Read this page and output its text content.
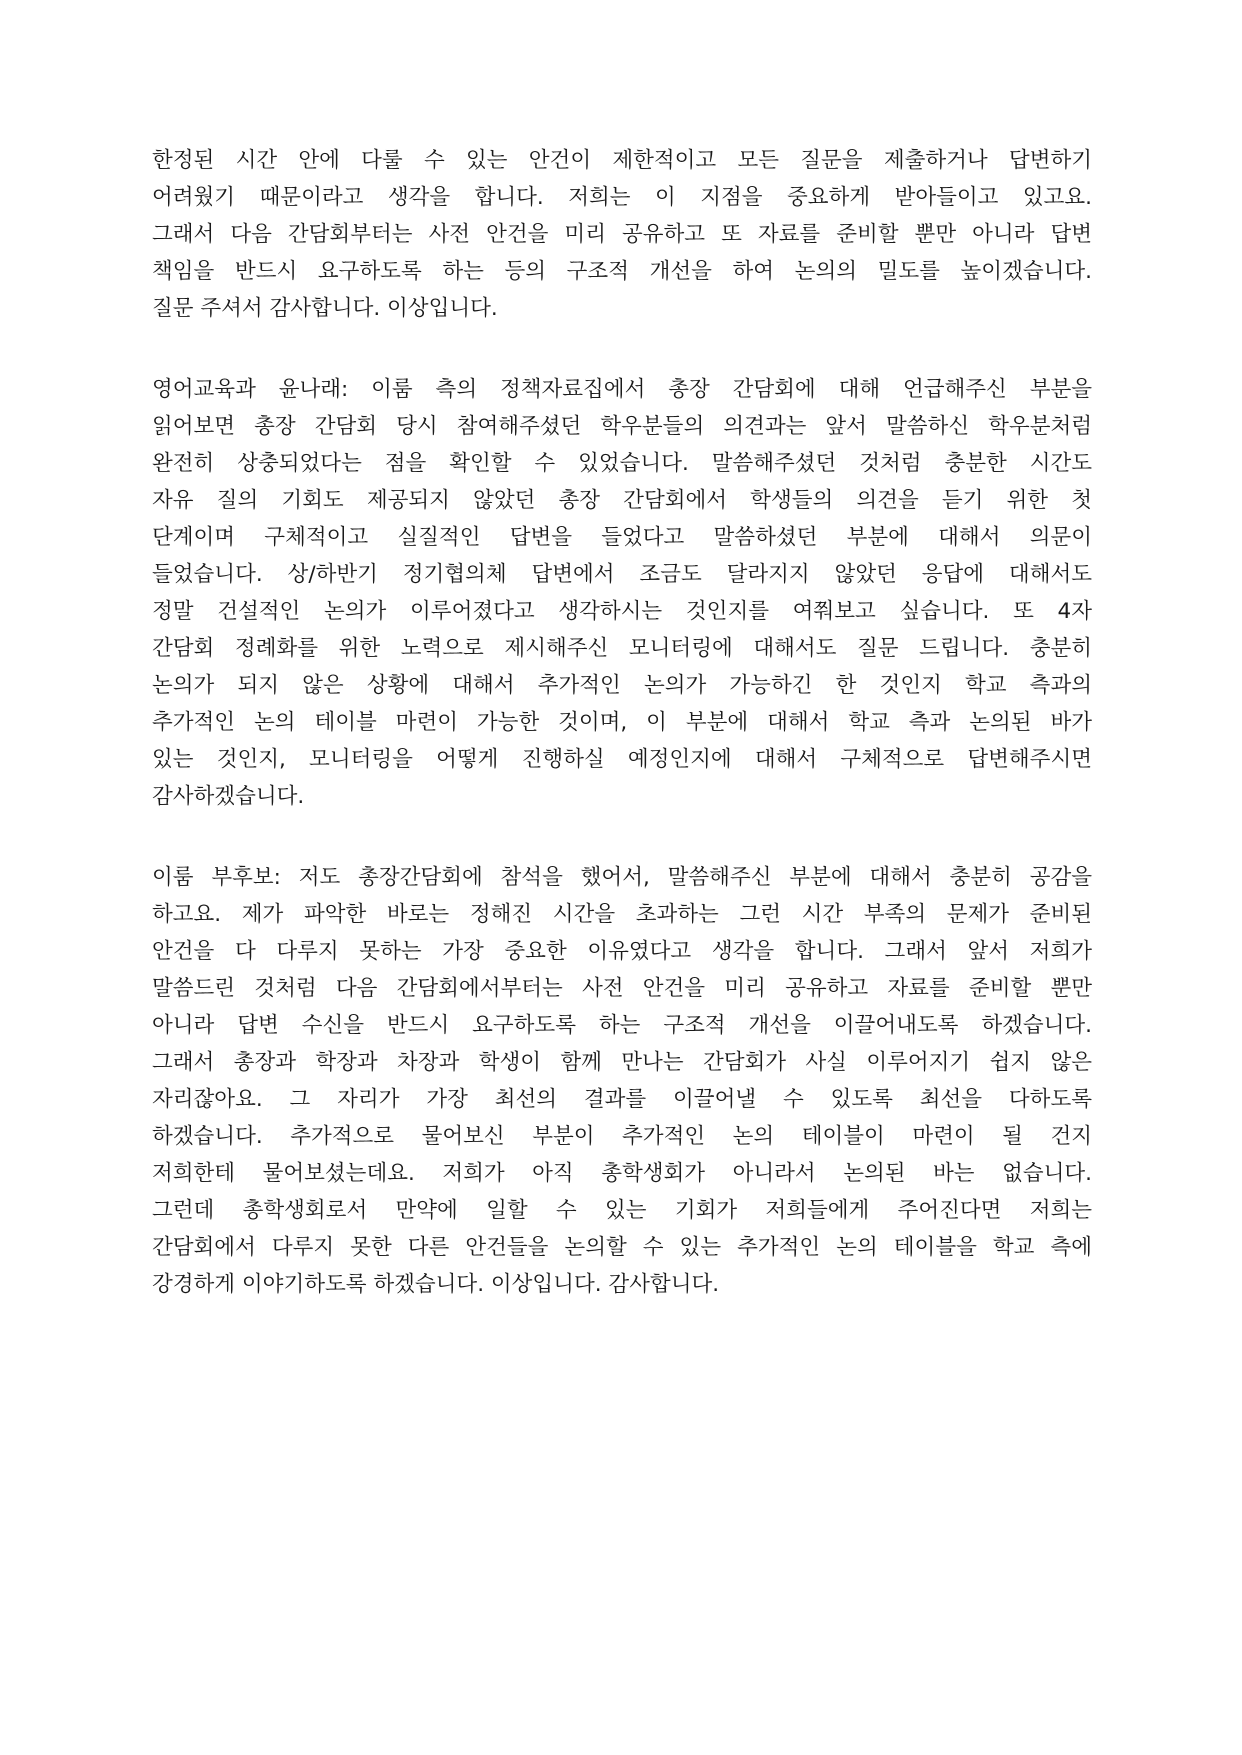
한정된 시간 안에 다룰 수 있는 안건이 제한적이고 모든 질문을 제출하거나 답변하기
어려웠기 때문이라고 생각을 합니다. 저희는 이 지점을 중요하게 받아들이고 있고요.
그래서 다음 간담회부터는 사전 안건을 미리 공유하고 또 자료를 준비할 뿐만 아니라 답변
책임을 반드시 요구하도록 하는 등의 구조적 개선을 하여 논의의 밀도를 높이겠습니다.
질문 주셔서 감사합니다. 이상입니다.
영어교육과 윤나래: 이룸 측의 정책자료집에서 총장 간담회에 대해 언급해주신 부분을
읽어보면 총장 간담회 당시 참여해주셨던 학우분들의 의견과는 앞서 말씀하신 학우분처럼
완전히 상충되었다는 점을 확인할 수 있었습니다. 말씀해주셨던 것처럼 충분한 시간도
자유 질의 기회도 제공되지 않았던 총장 간담회에서 학생들의 의견을 듣기 위한 첫
단계이며 구체적이고 실질적인 답변을 들었다고 말씀하셨던 부분에 대해서 의문이
들었습니다. 상/하반기 정기협의체 답변에서 조금도 달라지지 않았던 응답에 대해서도
정말 건설적인 논의가 이루어졌다고 생각하시는 것인지를 여쭤보고 싶습니다. 또 4자
간담회 정례화를 위한 노력으로 제시해주신 모니터링에 대해서도 질문 드립니다. 충분히
논의가 되지 않은 상황에 대해서 추가적인 논의가 가능하긴 한 것인지 학교 측과의
추가적인 논의 테이블 마련이 가능한 것이며, 이 부분에 대해서 학교 측과 논의된 바가
있는 것인지, 모니터링을 어떻게 진행하실 예정인지에 대해서 구체적으로 답변해주시면
감사하겠습니다.
이룸 부후보: 저도 총장간담회에 참석을 했어서, 말씀해주신 부분에 대해서 충분히 공감을
하고요. 제가 파악한 바로는 정해진 시간을 초과하는 그런 시간 부족의 문제가 준비된
안건을 다 다루지 못하는 가장 중요한 이유였다고 생각을 합니다. 그래서 앞서 저희가
말씀드린 것처럼 다음 간담회에서부터는 사전 안건을 미리 공유하고 자료를 준비할 뿐만
아니라 답변 수신을 반드시 요구하도록 하는 구조적 개선을 이끌어내도록 하겠습니다.
그래서 총장과 학장과 차장과 학생이 함께 만나는 간담회가 사실 이루어지기 쉽지 않은
자리잖아요. 그 자리가 가장 최선의 결과를 이끌어낼 수 있도록 최선을 다하도록
하겠습니다. 추가적으로 물어보신 부분이 추가적인 논의 테이블이 마련이 될 건지
저희한테 물어보셨는데요. 저희가 아직 총학생회가 아니라서 논의된 바는 없습니다.
그런데 총학생회로서 만약에 일할 수 있는 기회가 저희들에게 주어진다면 저희는
간담회에서 다루지 못한 다른 안건들을 논의할 수 있는 추가적인 논의 테이블을 학교 측에
강경하게 이야기하도록 하겠습니다. 이상입니다. 감사합니다.
